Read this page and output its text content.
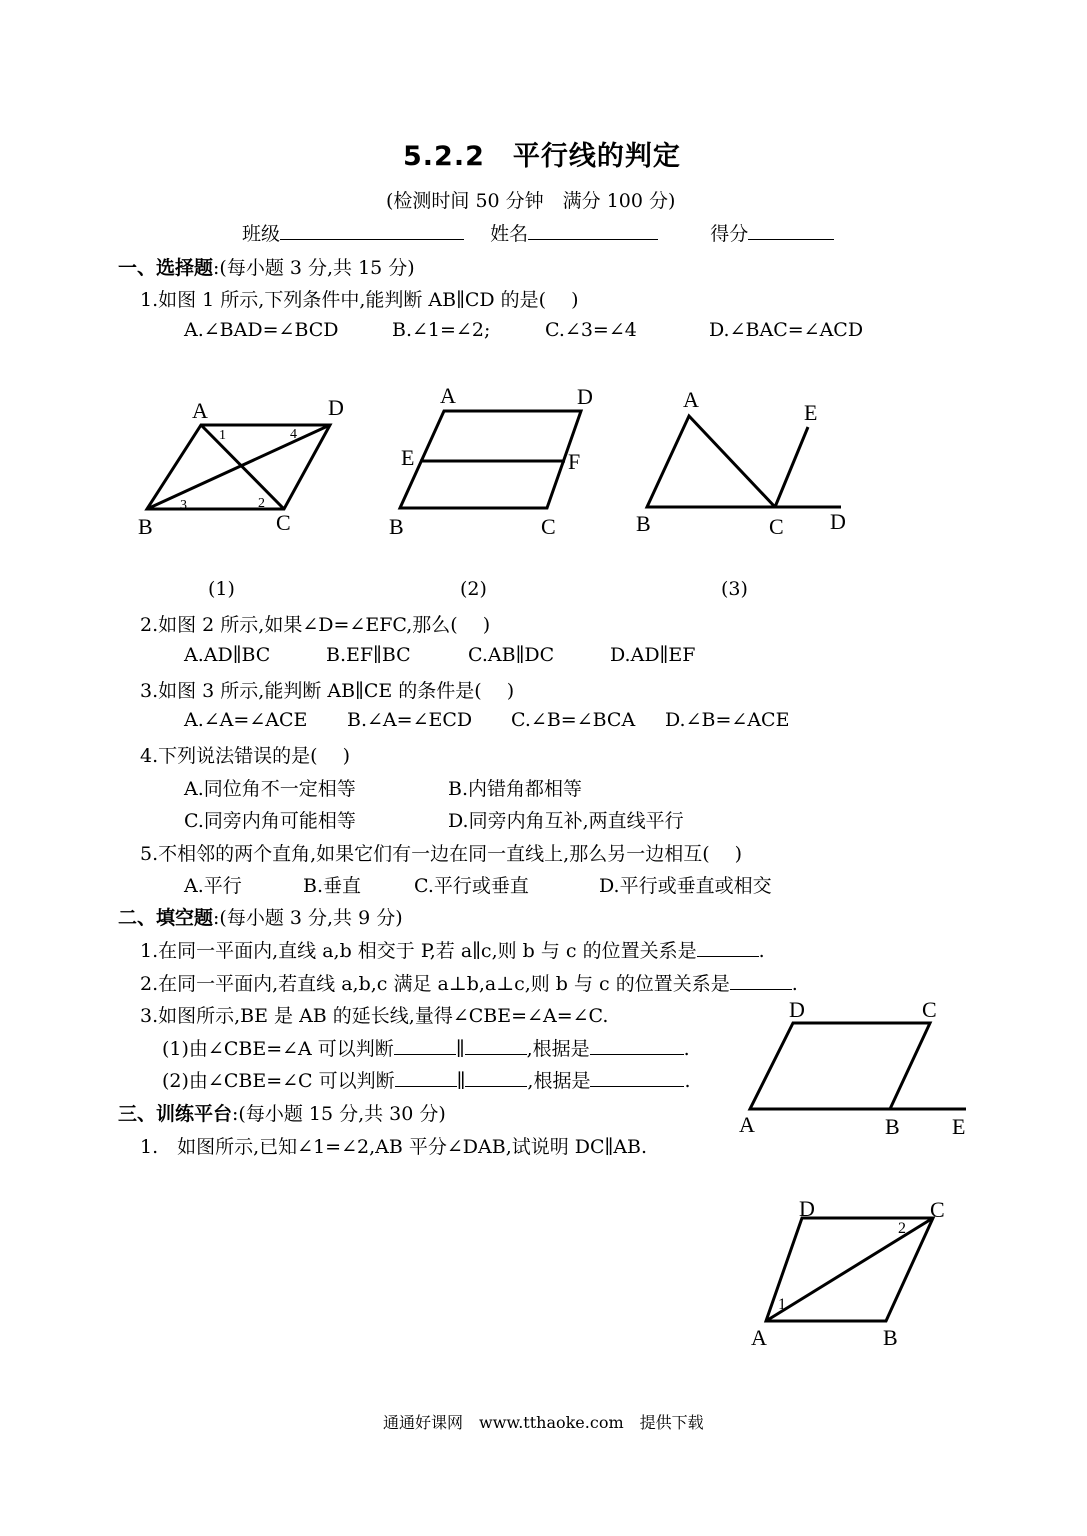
5.2.2　平行线的判定
(检测时间 50 分钟　满分 100 分)
班级	姓名	得分
一、选择题:(每小题 3 分,共 15 分)
1.如图 1 所示,下列条件中,能判断 AB∥CD 的是(　 )
A.∠BAD=∠BCD	B.∠1=∠2;	C.∠3=∠4	D.∠BAC=∠ACD
A	D
B	C
1	4
3	2
A	D
E	F
B	C
A
E
B	C D
(1)	(2)	(3)
2.如图 2 所示,如果∠D=∠EFC,那么(　 )
A.AD∥BC	B.EF∥BC	C.AB∥DC	D.AD∥EF
3.如图 3 所示,能判断 AB∥CE 的条件是(　 )
A.∠A=∠ACE B.∠A=∠ECD C.∠B=∠BCA D.∠B=∠ACE
4.下列说法错误的是(　 )
A.同位角不一定相等	B.内错角都相等
C.同旁内角可能相等	D.同旁内角互补,两直线平行
5.不相邻的两个直角,如果它们有一边在同一直线上,那么另一边相互(　 )
A.平行	B.垂直	C.平行或垂直	D.平行或垂直或相交
二、填空题:(每小题 3 分,共 9 分)
1.在同一平面内,直线 a,b 相交于 P,若 a∥c,则 b 与 c 的位置关系是	.
2.在同一平面内,若直线 a,b,c 满足 a⊥b,a⊥c,则 b 与 c 的位置关系是	.
3.如图所示,BE 是 AB 的延长线,量得∠CBE=∠A=∠C.
(1)由∠CBE=∠A 可以判断	∥	,根据是	.
(2)由∠CBE=∠C 可以判断	∥	,根据是	.
D	C
A	B E
三、训练平台:(每小题 15 分,共 30 分)
1.　如图所示,已知∠1=∠2,AB 平分∠DAB,试说明 DC∥AB.
D	C
A	B
1
2
通通好课网　www.tthaoke.com　提供下载
